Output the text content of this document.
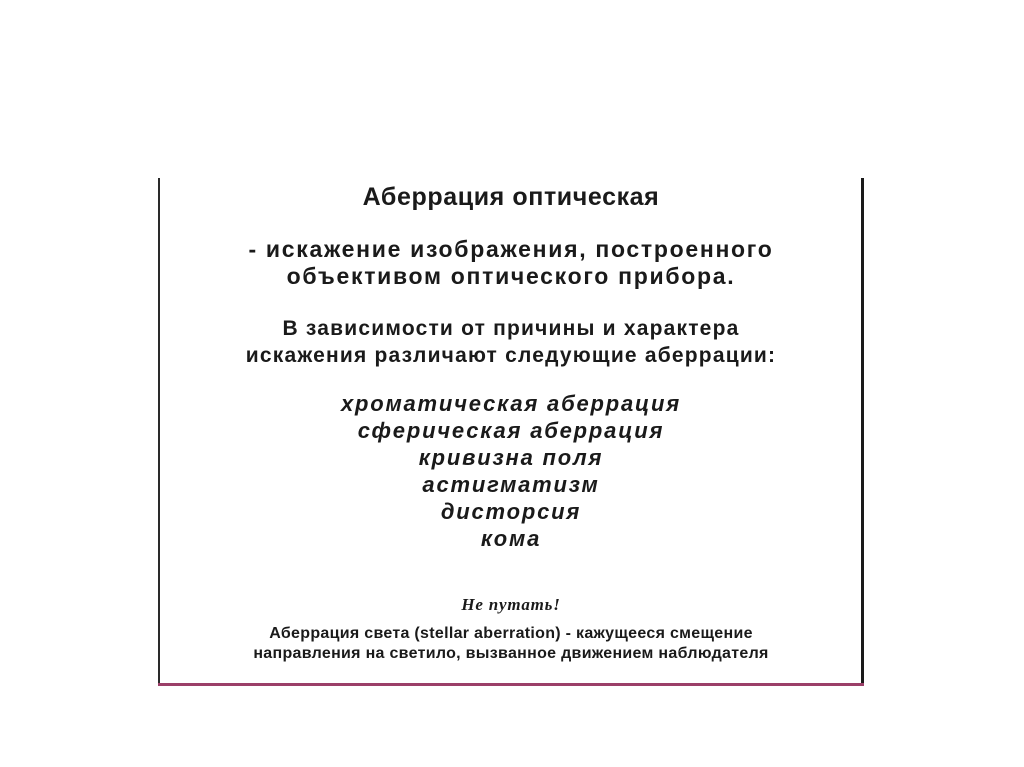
Аберрация оптическая
- искажение изображения, построенного
объективом оптического прибора.
В зависимости от причины и характера
искажения различают следующие аберрации:
хроматическая аберрация
сферическая аберрация
кривизна поля
астигматизм
дисторсия
кома
Не путать!
Аберрация света (stellar aberration) - кажущееся смещение
направления на светило, вызванное движением наблюдателя
